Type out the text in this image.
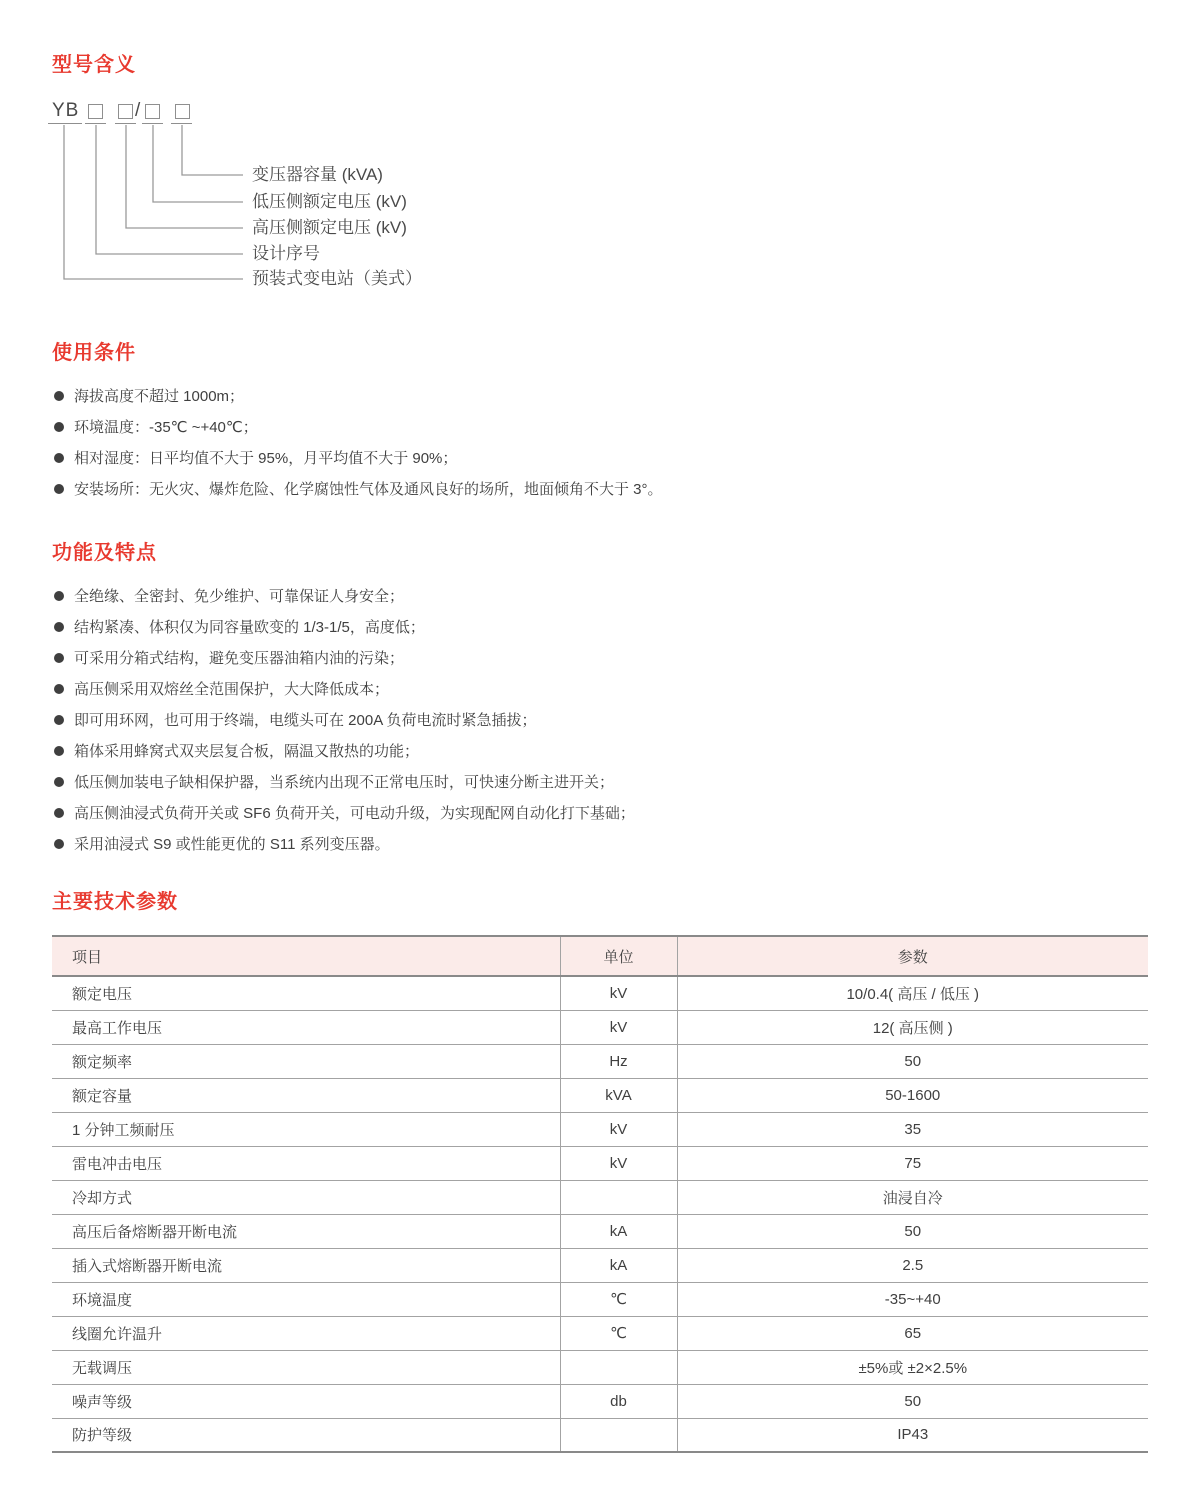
型号含义
YB	/
变压器容量 (kVA)
低压侧额定电压 (kV)
高压侧额定电压 (kV)
设计序号
预装式变电站（美式）
使用条件
海拔高度不超过 1000m；
环境温度：-35℃ ~+40℃；
相对湿度：日平均值不大于 95%，月平均值不大于 90%；
安装场所：无火灾、爆炸危险、化学腐蚀性气体及通风良好的场所，地面倾角不大于 3°。
功能及特点
全绝缘、全密封、免少维护、可靠保证人身安全；
结构紧凑、体积仅为同容量欧变的 1/3-1/5，高度低；
可采用分箱式结构，避免变压器油箱内油的污染；
高压侧采用双熔丝全范围保护，大大降低成本；
即可用环网，也可用于终端，电缆头可在 200A 负荷电流时紧急插拔；
箱体采用蜂窝式双夹层复合板，隔温又散热的功能；
低压侧加装电子缺相保护器，当系统内出现不正常电压时，可快速分断主进开关；
高压侧油浸式负荷开关或 SF6 负荷开关，可电动升级，为实现配网自动化打下基础；
采用油浸式 S9 或性能更优的 S11 系列变压器。
主要技术参数
项目	单位	参数
额定电压	kV	10/0.4( 高压 / 低压 )
最高工作电压	kV	12( 高压侧 )
额定频率	Hz	50
额定容量	kVA	50-1600
1 分钟工频耐压	kV	35
雷电冲击电压	kV	75
冷却方式		油浸自冷
高压后备熔断器开断电流	kA	50
插入式熔断器开断电流	kA	2.5
环境温度	℃	-35~+40
线圈允许温升	℃	65
无载调压		±5%或 ±2×2.5%
噪声等级	db	50
防护等级		IP43
